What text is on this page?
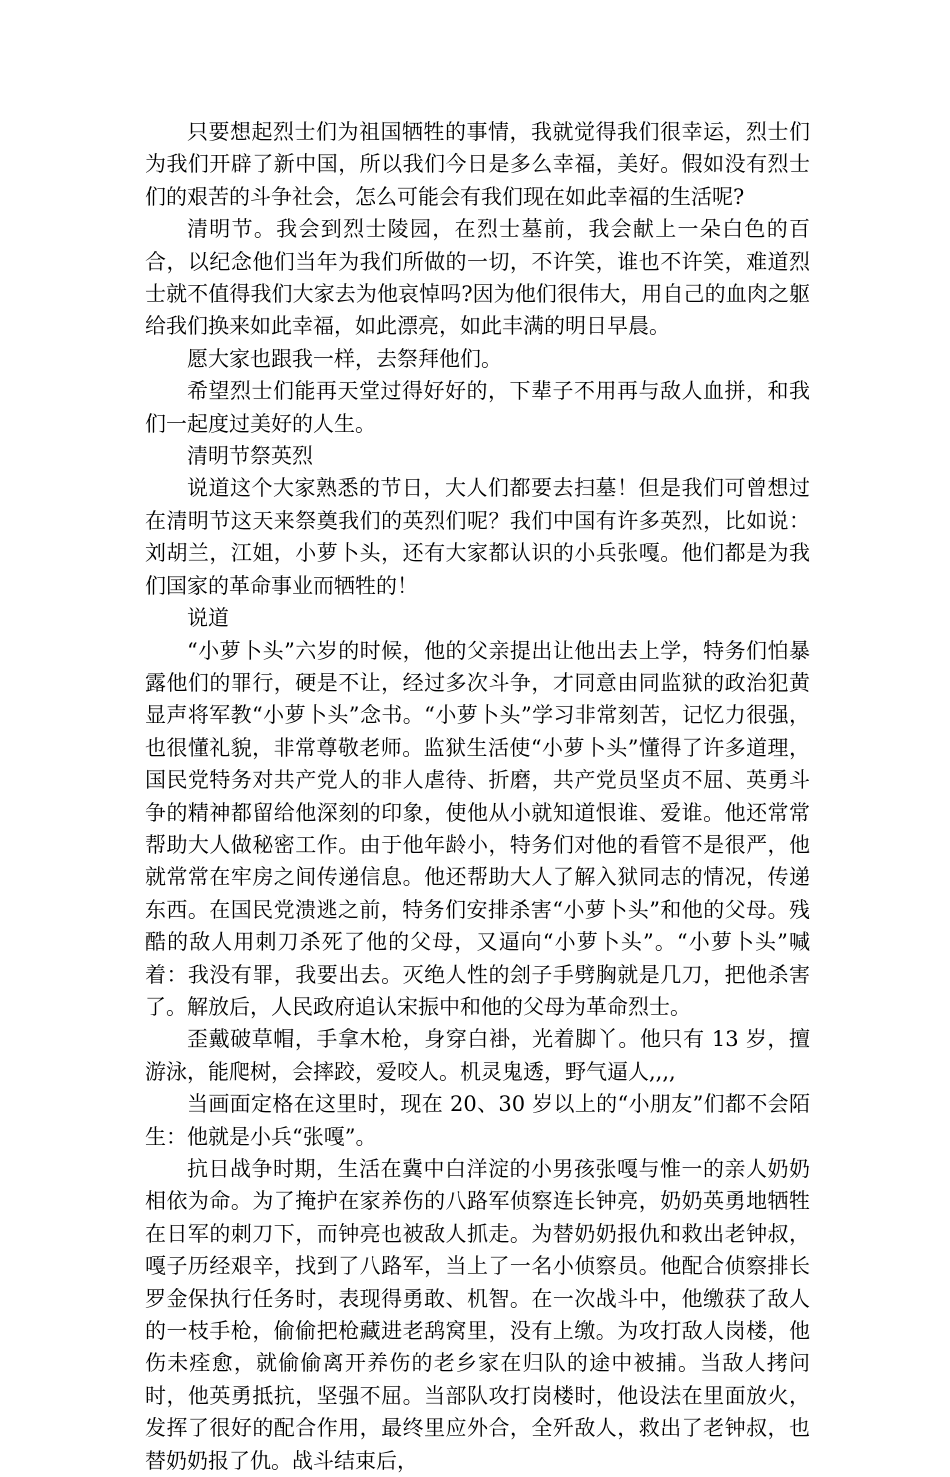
只要想起烈士们为祖国牺牲的事情，我就觉得我们很幸运，烈士们为我们开辟了新中国，所以我们今日是多么幸福，美好。假如没有烈士们的艰苦的斗争社会，怎么可能会有我们现在如此幸福的生活呢?

清明节。我会到烈士陵园，在烈士墓前，我会献上一朵白色的百合，以纪念他们当年为我们所做的一切，不许笑，谁也不许笑，难道烈士就不值得我们大家去为他哀悼吗?因为他们很伟大，用自己的血肉之躯给我们换来如此幸福，如此漂亮，如此丰满的明日早晨。

愿大家也跟我一样，去祭拜他们。

希望烈士们能再天堂过得好好的，下辈子不用再与敌人血拼，和我们一起度过美好的人生。

清明节祭英烈

说道这个大家熟悉的节日，大人们都要去扫墓！但是我们可曾想过在清明节这天来祭奠我们的英烈们呢？我们中国有许多英烈，比如说：刘胡兰，江姐，小萝卜头，还有大家都认识的小兵张嘎。他们都是为我们国家的革命事业而牺牲的！

说道

“小萝卜头”六岁的时候，他的父亲提出让他出去上学，特务们怕暴露他们的罪行，硬是不让，经过多次斗争，才同意由同监狱的政治犯黄显声将军教“小萝卜头”念书。“小萝卜头”学习非常刻苦，记忆力很强，也很懂礼貌，非常尊敬老师。监狱生活使“小萝卜头”懂得了许多道理，国民党特务对共产党人的非人虐待、折磨，共产党员坚贞不屈、英勇斗争的精神都留给他深刻的印象，使他从小就知道恨谁、爱谁。他还常常帮助大人做秘密工作。由于他年龄小，特务们对他的看管不是很严，他就常常在牢房之间传递信息。他还帮助大人了解入狱同志的情况，传递东西。在国民党溃逃之前，特务们安排杀害“小萝卜头”和他的父母。残酷的敌人用刺刀杀死了他的父母，又逼向“小萝卜头”。“小萝卜头”喊着：我没有罪，我要出去。灭绝人性的刽子手劈胸就是几刀，把他杀害了。解放后，人民政府追认宋振中和他的父母为革命烈士。

歪戴破草帽，手拿木枪，身穿白褂，光着脚丫。他只有 13 岁，擅游泳，能爬树，会摔跤，爱咬人。机灵鬼透，野气逼人,,,,

当画面定格在这里时，现在 20、30 岁以上的“小朋友”们都不会陌生：他就是小兵“张嘎”。

抗日战争时期，生活在冀中白洋淀的小男孩张嘎与惟一的亲人奶奶相依为命。为了掩护在家养伤的八路军侦察连长钟亮，奶奶英勇地牺牲在日军的刺刀下，而钟亮也被敌人抓走。为替奶奶报仇和救出老钟叔，嘎子历经艰辛，找到了八路军，当上了一名小侦察员。他配合侦察排长罗金保执行任务时，表现得勇敢、机智。在一次战斗中，他缴获了敌人的一枝手枪，偷偷把枪藏进老鸹窝里，没有上缴。为攻打敌人岗楼，他伤未痊愈，就偷偷离开养伤的老乡家在归队的途中被捕。当敌人拷问时，他英勇抵抗，坚强不屈。当部队攻打岗楼时，他设法在里面放火，发挥了很好的配合作用，最终里应外合，全歼敌人，救出了老钟叔，也替奶奶报了仇。战斗结束后，
